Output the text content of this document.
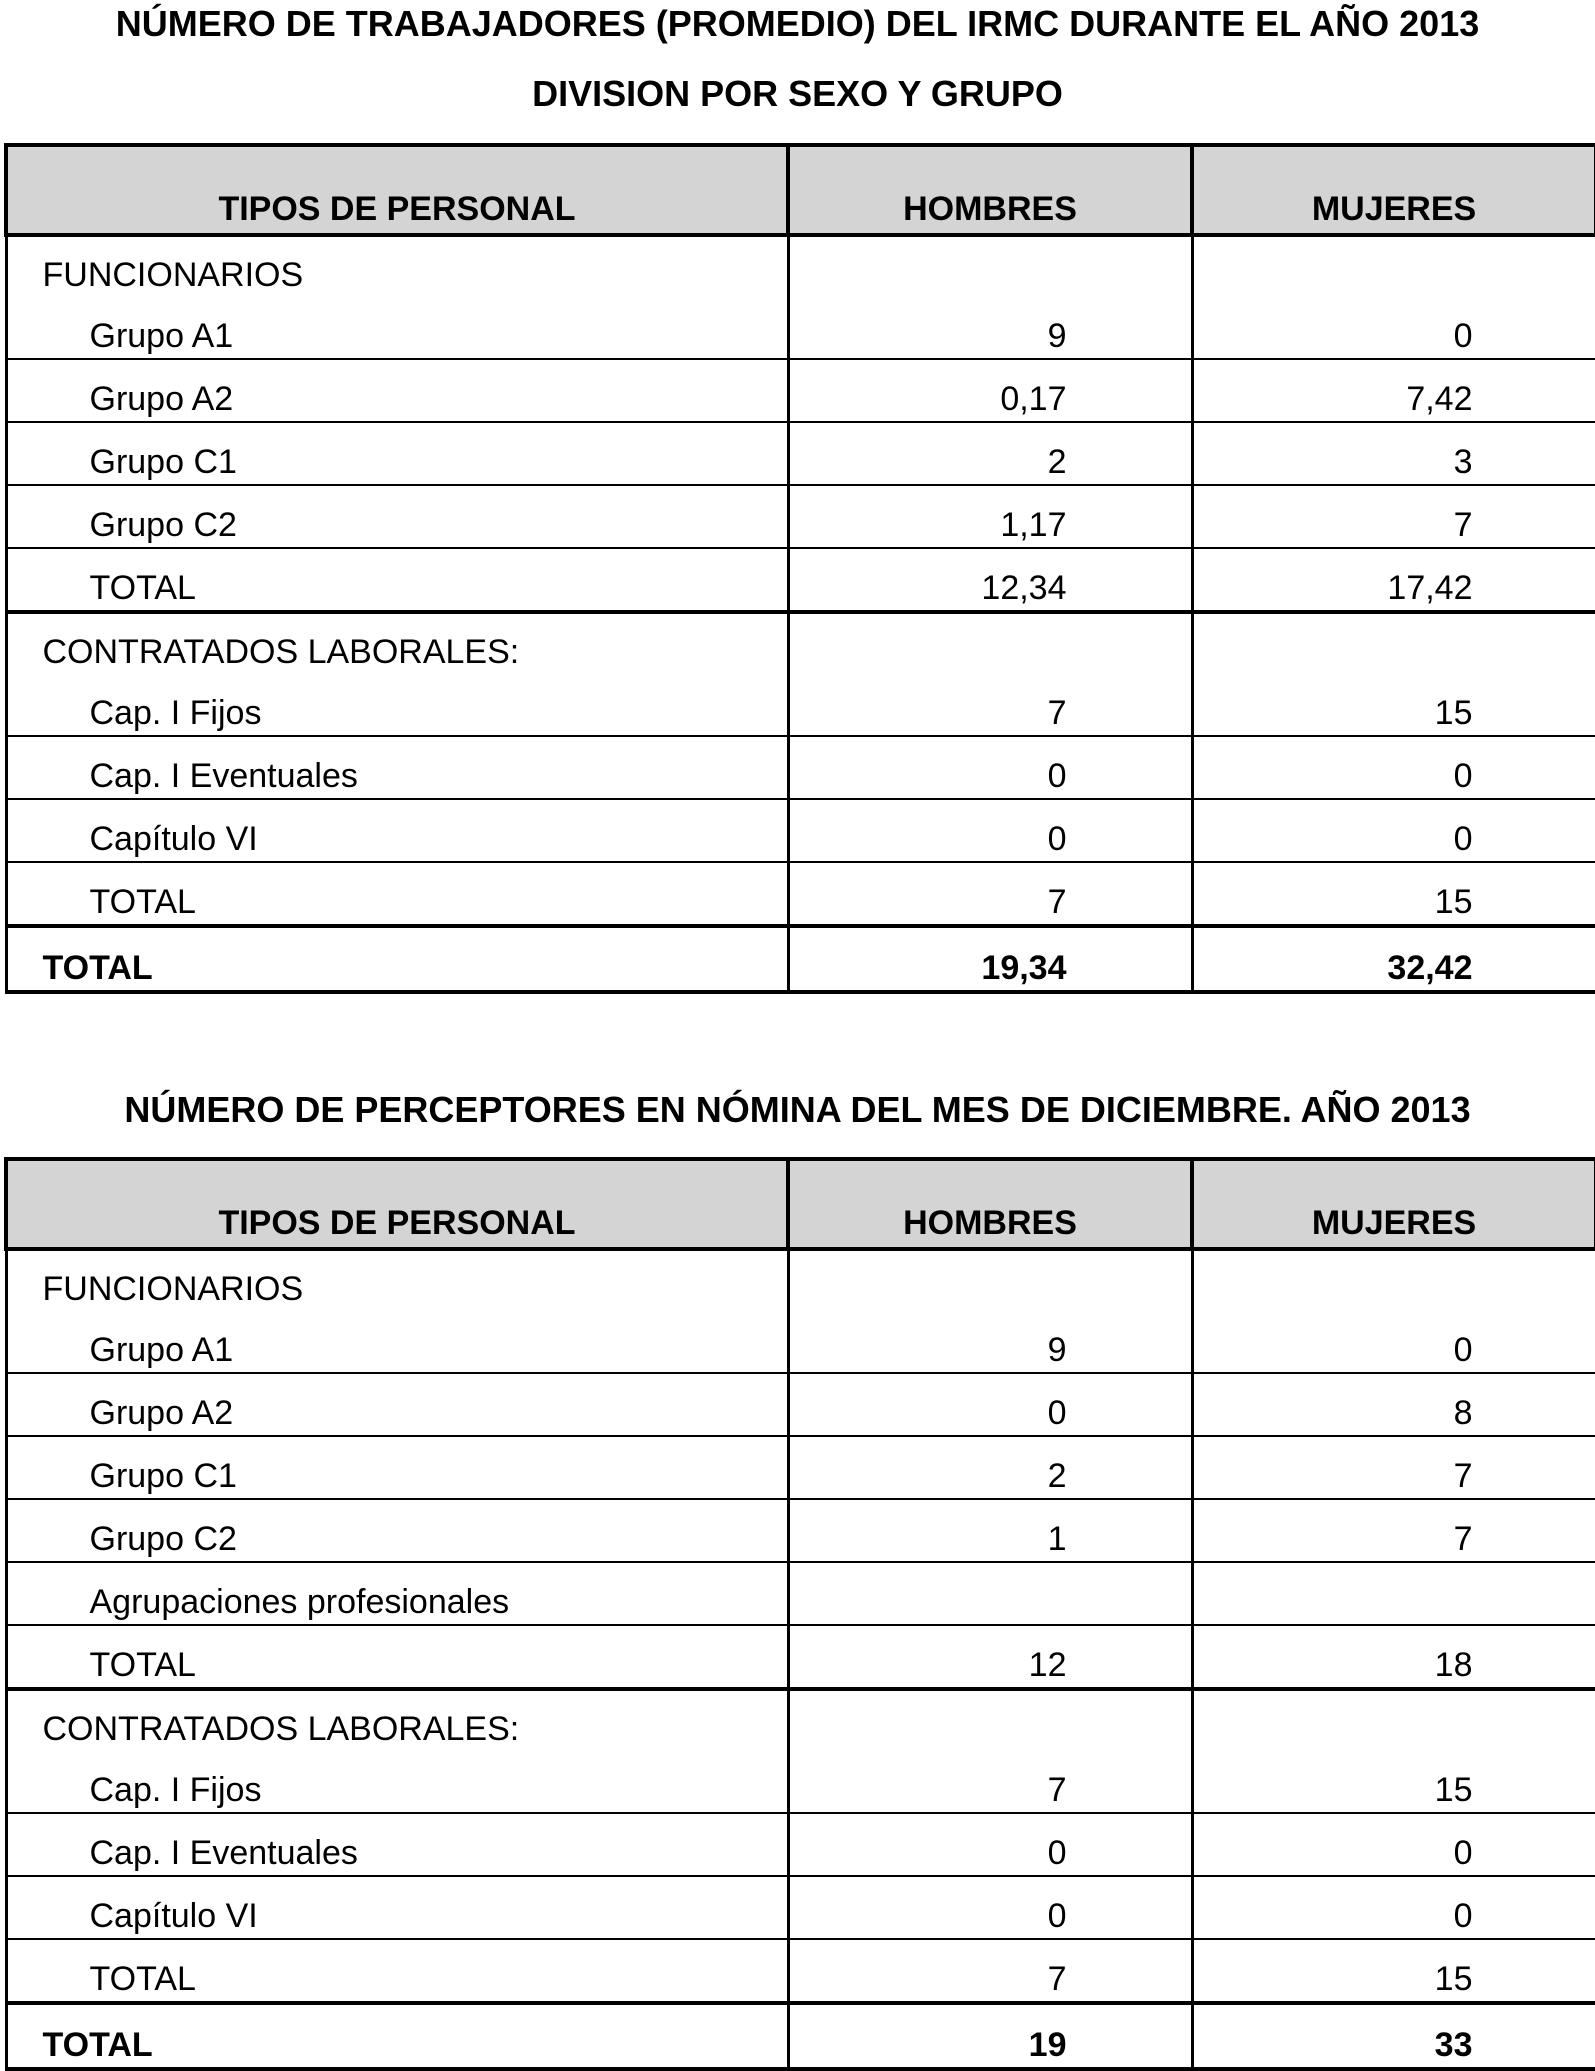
NÚMERO DE TRABAJADORES (PROMEDIO) DEL IRMC DURANTE EL AÑO 2013
DIVISION POR SEXO Y GRUPO
TIPOS DE PERSONAL	HOMBRES	MUJERES
FUNCIONARIOS		
Grupo A1	9	0
Grupo A2	0,17	7,42
Grupo C1	2	3
Grupo C2	1,17	7
TOTAL	12,34	17,42
CONTRATADOS LABORALES:		
Cap. I Fijos	7	15
Cap. I Eventuales	0	0
Capítulo VI	0	0
TOTAL	7	15
TOTAL	19,34	32,42
NÚMERO DE PERCEPTORES EN NÓMINA DEL MES DE DICIEMBRE. AÑO 2013
TIPOS DE PERSONAL	HOMBRES	MUJERES
FUNCIONARIOS		
Grupo A1	9	0
Grupo A2	0	8
Grupo C1	2	7
Grupo C2	1	7
Agrupaciones profesionales		
TOTAL	12	18
CONTRATADOS LABORALES:		
Cap. I Fijos	7	15
Cap. I Eventuales	0	0
Capítulo VI	0	0
TOTAL	7	15
TOTAL	19	33
